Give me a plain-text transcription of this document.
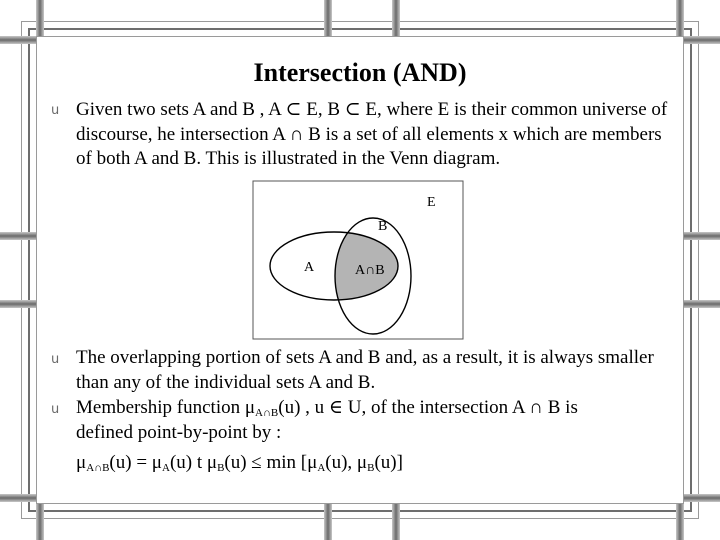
Intersection (AND)
u Given two sets A and B , A ⊂ E, B ⊂ E, where E is their common universe of discourse, he intersection A ∩ B is a set of all elements x which are members of both A and B. This is illustrated in the Venn diagram.
E
B
A	A∩B
u The overlapping portion of sets A and B and, as a result, it is always smaller than any of the individual sets A and B.
u Membership function $\mu_{A\cap B}(u)$ , u ∈ U, of the intersection A ∩ B is
defined point-by-point by :
$\mu_{A\cap B}(u) = \mu_A(u)$ t $\mu_B(u) \le \min [\mu_A(u)$, $\mu_B(u)$]
